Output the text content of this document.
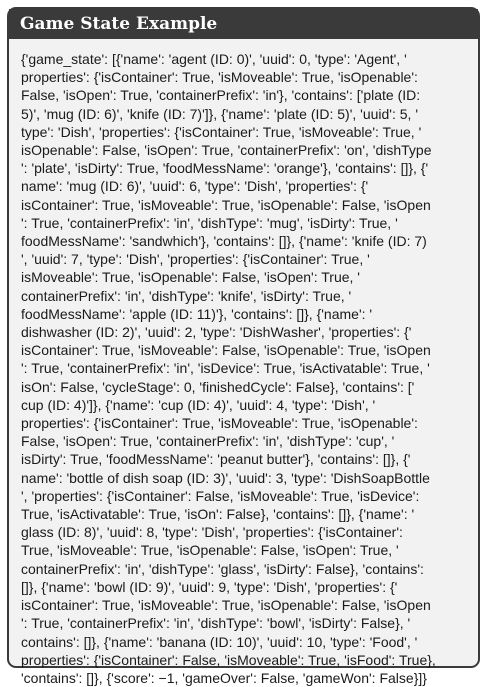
Game State Example
{'game_state': [{'name': 'agent (ID: 0)', 'uuid': 0, 'type': 'Agent', '
properties': {'isContainer': True, 'isMoveable': True, 'isOpenable':
False, 'isOpen': True, 'containerPrefix': 'in'}, 'contains': ['plate (ID:
5)', 'mug (ID: 6)', 'knife (ID: 7)']}, {'name': 'plate (ID: 5)', 'uuid': 5, '
type': 'Dish', 'properties': {'isContainer': True, 'isMoveable': True, '
isOpenable': False, 'isOpen': True, 'containerPrefix': 'on', 'dishType
': 'plate', 'isDirty': True, 'foodMessName': 'orange'}, 'contains': []}, {'
name': 'mug (ID: 6)', 'uuid': 6, 'type': 'Dish', 'properties': {'
isContainer': True, 'isMoveable': True, 'isOpenable': False, 'isOpen
': True, 'containerPrefix': 'in', 'dishType': 'mug', 'isDirty': True, '
foodMessName': 'sandwhich'}, 'contains': []}, {'name': 'knife (ID: 7)
', 'uuid': 7, 'type': 'Dish', 'properties': {'isContainer': True, '
isMoveable': True, 'isOpenable': False, 'isOpen': True, '
containerPrefix': 'in', 'dishType': 'knife', 'isDirty': True, '
foodMessName': 'apple (ID: 11)'}, 'contains': []}, {'name': '
dishwasher (ID: 2)', 'uuid': 2, 'type': 'DishWasher', 'properties': {'
isContainer': True, 'isMoveable': False, 'isOpenable': True, 'isOpen
': True, 'containerPrefix': 'in', 'isDevice': True, 'isActivatable': True, '
isOn': False, 'cycleStage': 0, 'finishedCycle': False}, 'contains': ['
cup (ID: 4)']}, {'name': 'cup (ID: 4)', 'uuid': 4, 'type': 'Dish', '
properties': {'isContainer': True, 'isMoveable': True, 'isOpenable':
False, 'isOpen': True, 'containerPrefix': 'in', 'dishType': 'cup', '
isDirty': True, 'foodMessName': 'peanut butter'}, 'contains': []}, {'
name': 'bottle of dish soap (ID: 3)', 'uuid': 3, 'type': 'DishSoapBottle
', 'properties': {'isContainer': False, 'isMoveable': True, 'isDevice':
True, 'isActivatable': True, 'isOn': False}, 'contains': []}, {'name': '
glass (ID: 8)', 'uuid': 8, 'type': 'Dish', 'properties': {'isContainer':
True, 'isMoveable': True, 'isOpenable': False, 'isOpen': True, '
containerPrefix': 'in', 'dishType': 'glass', 'isDirty': False}, 'contains':
[]}, {'name': 'bowl (ID: 9)', 'uuid': 9, 'type': 'Dish', 'properties': {'
isContainer': True, 'isMoveable': True, 'isOpenable': False, 'isOpen
': True, 'containerPrefix': 'in', 'dishType': 'bowl', 'isDirty': False}, '
contains': []}, {'name': 'banana (ID: 10)', 'uuid': 10, 'type': 'Food', '
properties': {'isContainer': False, 'isMoveable': True, 'isFood': True},
'contains': []}, {'score': −1, 'gameOver': False, 'gameWon': False}]}
